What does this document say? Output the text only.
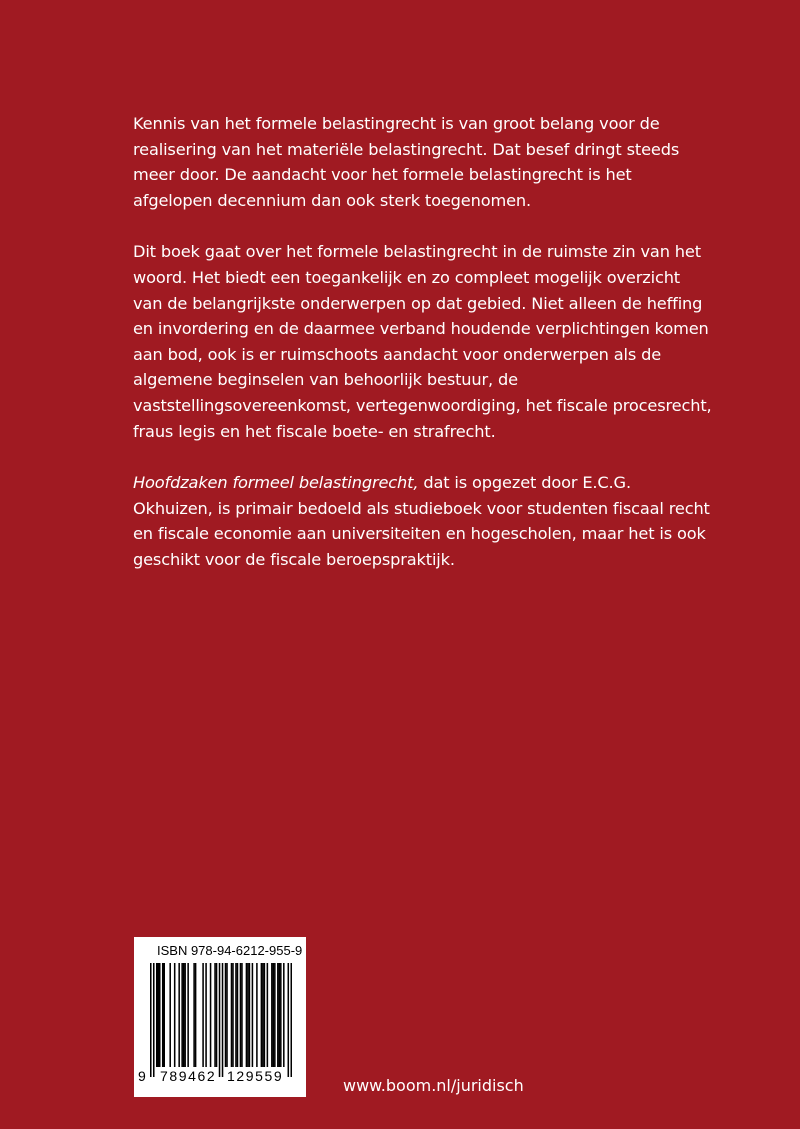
Kennis van het formele belastingrecht is van groot belang voor de realisering van het materiële belastingrecht. Dat besef dringt steeds meer door. De aandacht voor het formele belastingrecht is het afgelopen decennium dan ook sterk toegenomen.

Dit boek gaat over het formele belastingrecht in de ruimste zin van het woord. Het biedt een toegankelijk en zo compleet mogelijk overzicht van de belangrijkste onderwerpen op dat gebied. Niet alleen de heffing en invordering en de daarmee verband houdende verplichtingen komen aan bod, ook is er ruimschoots aandacht voor onderwerpen als de algemene beginselen van behoorlijk bestuur, de vaststellingsovereenkomst, vertegenwoordiging, het fiscale procesrecht, fraus legis en het fiscale boete- en strafrecht.

Hoofdzaken formeel belastingrecht, dat is opgezet door E.C.G. Okhuizen, is primair bedoeld als studieboek voor studenten fiscaal recht en fiscale economie aan universiteiten en hogescholen, maar het is ook geschikt voor de fiscale beroepspraktijk.

ISBN 978-94-6212-955-9
9 789462 129559	www.boom.nl/juridisch
